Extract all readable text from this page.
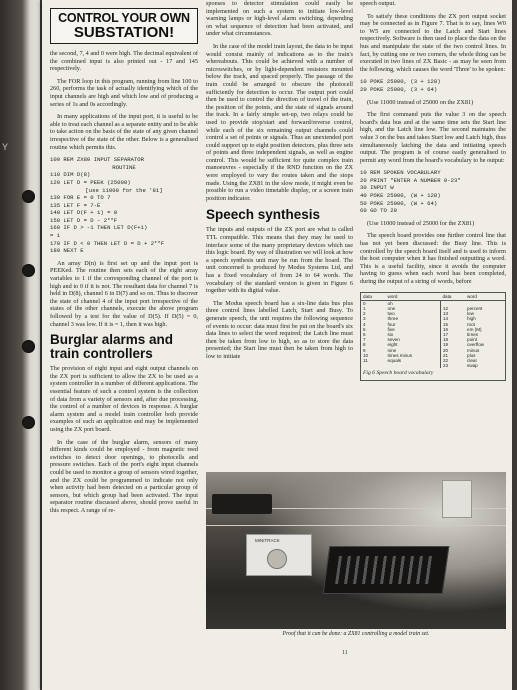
Y
CONTROL YOUR OWN
SUBSTATION!

the second, 7, 4 and 0 were high. The decimal equivalent of the combined input is also printed out - 17 and 145 respectively.

The FOR loop in this program, running from line 100 to 260, performs the task of actually identifying which of the input channels are high and which low and of producing a series of 1s and 0s accordingly.

In many applications of the input port, it is useful to be able to treat each channel as a separate entity and to be able to take action on the basis of the state of any given channel irrespective of the state of the other. Below is a generalised routine which permits this.

100 REM ZX80 INPUT SEPARATOR
ROUTINE
110 DIM D(8)
120 LET D = PEEK (25000)
[use 11000 for the '81]
130 FOR E = 0 TO 7
135 LET F = 7-E
140 LET D(F + 1) = 0
150 LET D = D - 2**F
160 IF D > -1 THEN LET D(F+1)
= 1
170 IF D < 0 THEN LET D = D + 2**F
180 NEXT E

An array D(n) is first set up and the input port is PEEKed. The routine then sets each of the eight array variables to 1 if the corresponding channel of the port is high and to 0 if it is not. The resultant data for channel 7 is held in D(8), channel 6 in D(7) and so on. Thus to discover the state of channel 4 of the input port irrespective of the states of the other channels, execute the above program followed by a test for the value of D(5). If D(5) = 0, channel 3 was low. If it is = 1, then it was high.

Burglar alarms and train controllers

The provision of eight input and eight output channels on the ZX port is sufficient to allow the ZX to be used as a system controller in a number of different applications. The essential feature of such a control system is the collection of data from a variety of sensors and, after due processing, the control of a number of devices in response. A burglar alarm system and a model train controller both provide examples of such an application and may be implemented using the ZX port board.

In the case of the burglar alarm, sensors of many different kinds could be employed - from magnetic reed switches to detect door openings, to photocells and pressure switches. Each of the port's eight input channels could be used to monitor a group of sensors wired together, and the ZX could be programmed to indicate not only when activity had been detected on a particular group of sensors, but which group had been activated. The input separator routine discussed above, should prove useful in this respect. A range of re-

sponses to detector stimulation could easily be implemented on such a system to initiate low-level warning lamps or high-level alarm switching, depending on what sequence of detection had been activated, and under what circumstances.

In the case of the model train layout, the data to be input would consist mainly of indications as to the train's whereabouts. This could be achieved with a number of microswitches, or by light-dependent resistors mounted below the track, and spaced properly. The passage of the train could be arranged to obscure the photocell sufficiently for detection to occur. The output port could then be used to control the direction of travel of the train, the position of the points, and the state of signals around the track. In a fairly simple set-up, two relays could be used to provide stop/start and forward/reverse control, while each of the six remaining output channels could control a set of points or signals. Thus an unextended port could support up to eight position detectors, plus three sets of points and three independent signals, as well as engine control. This would be sufficient for quite complex train manoeuvres - especially if the RND function on the ZX were employed to vary the routes taken and the stops made. Using the ZX81 in the slow mode, it might even be possible to run a video timetable display, or a screen train position indicator.

Speech synthesis

The inputs and outputs of the ZX port are what is called TTL compatible. This means that they may be used to interface some of the many proprietary devices which use this logic board. By way of illustration we will look at how a speech synthesis unit may be run from the board. The unit concerned is produced by Modus Systems Ltd, and has a fixed vocabulary of from 24 to 64 words. The vocabulary of the standard version is given in Figure 6 together with its digital value.

The Modus speech board has a six-line data bus plus three control lines labelled Latch, Start and Busy. To generate speech, the unit requires the following sequence of events to occur: data must first be put on the board's six data lines to select the word required; the Latch line must then be taken from low to high, so as to store the data presented; the Start line must then be taken from high to low to initiate

speech output.

To satisfy these conditions the ZX port output socket may be connected as in Figure 7. That is to say, lines W0 to W5 are connected to the Latch and Start lines respectively. Software is then used to place the data on the bus and manipulate the state of the two control lines. In fact, by cutting one or two corners, the whole thing can be executed in two lines of ZX Basic - as may be seen from the following, which causes the word 'Three' to be spoken:

10 POKE 25000, (3 + 128)
20 POKE 25000, (3 + 64)

(Use 11000 instead of 25000 on the ZX81)

The first command puts the value 3 on the speech board's data bus and at the same time sets the Start line high, and the Latch line low. The second maintains the value 3 on the bus and takes Start low and Latch high, thus simultaneously latching the data and initiating speech output. The program is of course easily generalised to permit any word from the board's vocabulary to be output:

10 REM SPOKEN VOCABULARY
20 PRINT "ENTER A NUMBER 0-23"
30 INPUT W
40 POKE 25000, (W + 128)
50 POKE 25000, (W + 64)
60 GO TO 20

(Use 11000 instead of 25000 for the ZX81)

The speech board provides one further control line that has not yet been discussed: the Busy line. This is controlled by the speech board itself and is used to inform the host computer when it has finished outputting a word. This is a useful facility, since it avoids the computer having to guess when each word has been completed, during the output of a string of words, before

data	word	data	word
0	oh		
1	one	12	percent
2	two	13	low
3	three	14	high
4	four	15	root
5	five	16	em (M)
6	six	17	times
7	seven	18	point
8	eight	19	overflow
9	nine	20	minus
10	times minus	21	plus
11	equals	22	clear
		23	swap
Fig 6 Speech board vocabulary
MINITRACK
Proof that it can be done: a ZX81 controlling a model train set.
11
